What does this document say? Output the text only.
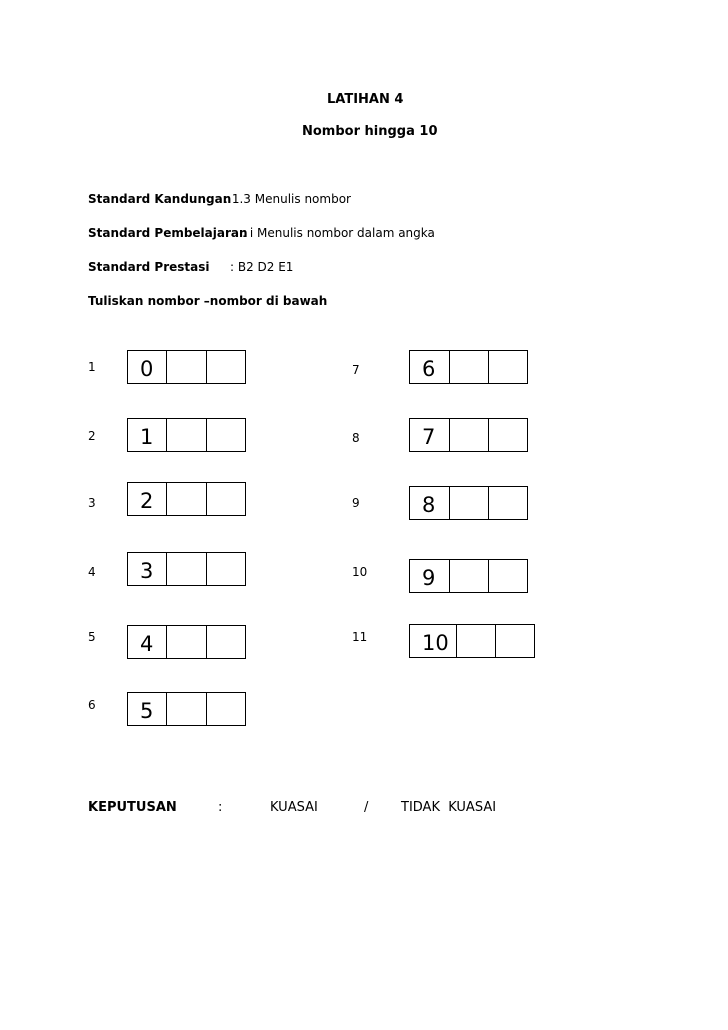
LATIHAN 4
Nombor hingga 10
Standard Kandungan
: 1.3 Menulis nombor
Standard Pembelajaran
: i Menulis nombor dalam angka
Standard Prestasi : B2 D2 E1
Tuliskan nombor –nombor di bawah
1 0
2 1
3 2
4 3
5 4
6 5
7	6
8	7
9	8
10	9
11	10
KEPUTUSAN	:	KUASAI	/	TIDAK  KUASAI
